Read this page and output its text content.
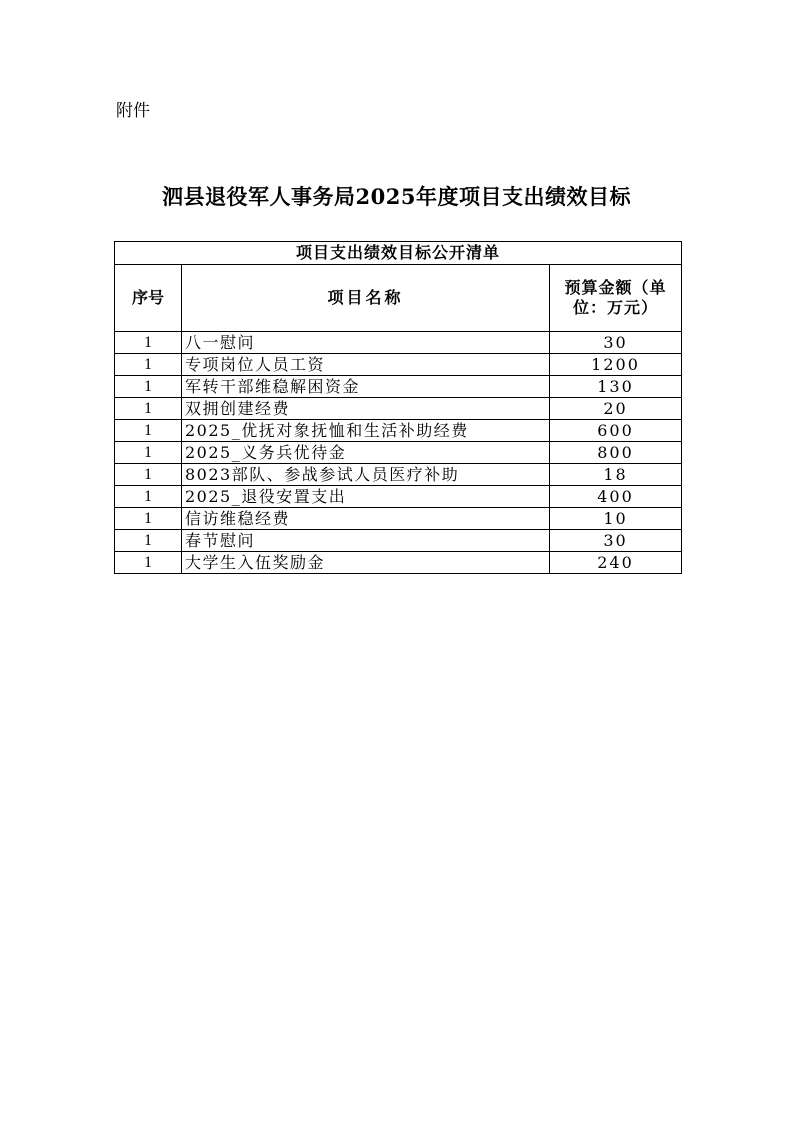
附件
泗县退役军人事务局2025年度项目支出绩效目标
项目支出绩效目标公开清单		
序号	项目名称	预算金额（单位：万元）
1	八一慰问	30
1	专项岗位人员工资	1200
1	军转干部维稳解困资金	130
1	双拥创建经费	20
1	2025_优抚对象抚恤和生活补助经费	600
1	2025_义务兵优待金	800
1	8023部队、参战参试人员医疗补助	18
1	2025_退役安置支出	400
1	信访维稳经费	10
1	春节慰问	30
1	大学生入伍奖励金	240
